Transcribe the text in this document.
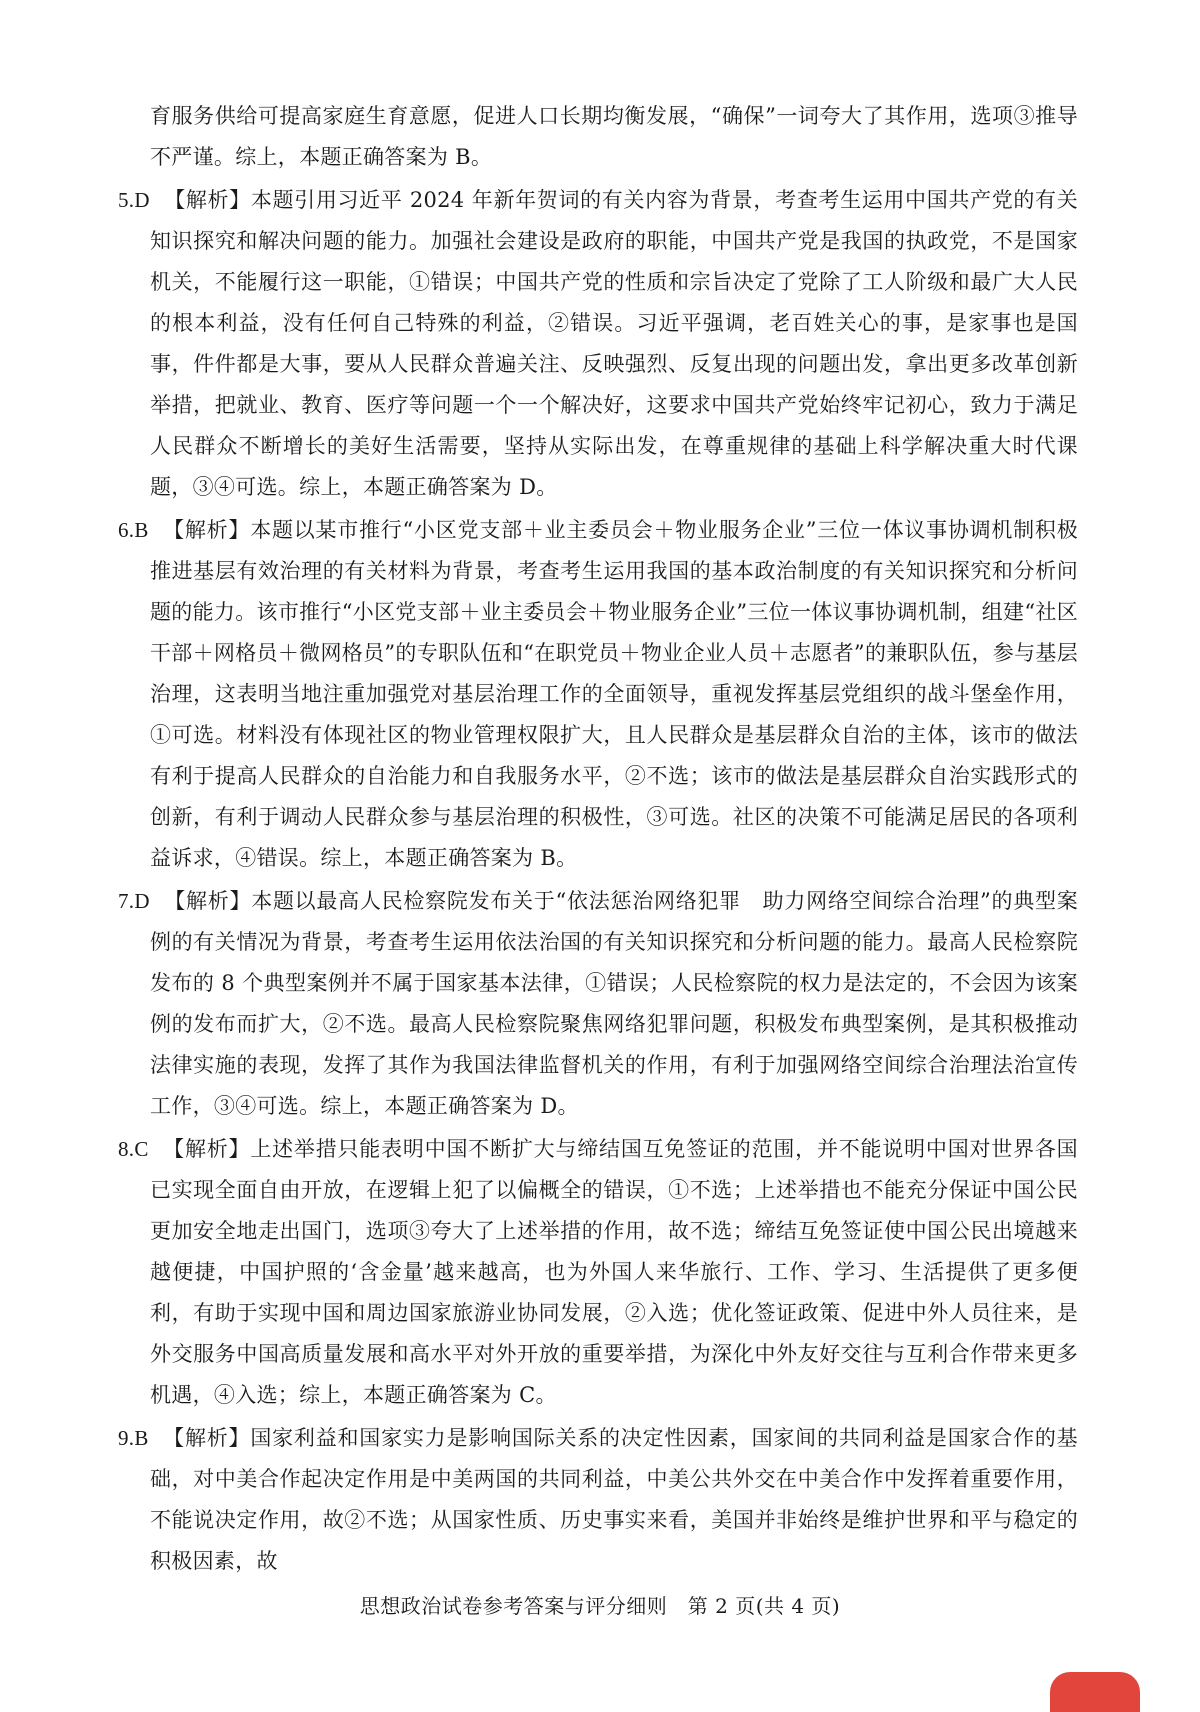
育服务供给可提高家庭生育意愿，促进人口长期均衡发展，“确保”一词夸大了其作用，选项③推导不严谨。综上，本题正确答案为 B。

5.D 【解析】本题引用习近平 2024 年新年贺词的有关内容为背景，考查考生运用中国共产党的有关知识探究和解决问题的能力。加强社会建设是政府的职能，中国共产党是我国的执政党，不是国家机关，不能履行这一职能，①错误；中国共产党的性质和宗旨决定了党除了工人阶级和最广大人民的根本利益，没有任何自己特殊的利益，②错误。习近平强调，老百姓关心的事，是家事也是国事，件件都是大事，要从人民群众普遍关注、反映强烈、反复出现的问题出发，拿出更多改革创新举措，把就业、教育、医疗等问题一个一个解决好，这要求中国共产党始终牢记初心，致力于满足人民群众不断增长的美好生活需要，坚持从实际出发，在尊重规律的基础上科学解决重大时代课题，③④可选。综上，本题正确答案为 D。

6.B 【解析】本题以某市推行“小区党支部＋业主委员会＋物业服务企业”三位一体议事协调机制积极推进基层有效治理的有关材料为背景，考查考生运用我国的基本政治制度的有关知识探究和分析问题的能力。该市推行“小区党支部＋业主委员会＋物业服务企业”三位一体议事协调机制，组建“社区干部＋网格员＋微网格员”的专职队伍和“在职党员＋物业企业人员＋志愿者”的兼职队伍，参与基层治理，这表明当地注重加强党对基层治理工作的全面领导，重视发挥基层党组织的战斗堡垒作用，①可选。材料没有体现社区的物业管理权限扩大，且人民群众是基层群众自治的主体，该市的做法有利于提高人民群众的自治能力和自我服务水平，②不选；该市的做法是基层群众自治实践形式的创新，有利于调动人民群众参与基层治理的积极性，③可选。社区的决策不可能满足居民的各项利益诉求，④错误。综上，本题正确答案为 B。

7.D 【解析】本题以最高人民检察院发布关于“依法惩治网络犯罪　助力网络空间综合治理”的典型案例的有关情况为背景，考查考生运用依法治国的有关知识探究和分析问题的能力。最高人民检察院发布的 8 个典型案例并不属于国家基本法律，①错误；人民检察院的权力是法定的，不会因为该案例的发布而扩大，②不选。最高人民检察院聚焦网络犯罪问题，积极发布典型案例，是其积极推动法律实施的表现，发挥了其作为我国法律监督机关的作用，有利于加强网络空间综合治理法治宣传工作，③④可选。综上，本题正确答案为 D。

8.C 【解析】上述举措只能表明中国不断扩大与缔结国互免签证的范围，并不能说明中国对世界各国已实现全面自由开放，在逻辑上犯了以偏概全的错误，①不选；上述举措也不能充分保证中国公民更加安全地走出国门，选项③夸大了上述举措的作用，故不选；缔结互免签证使中国公民出境越来越便捷，中国护照的‘含金量’越来越高，也为外国人来华旅行、工作、学习、生活提供了更多便利，有助于实现中国和周边国家旅游业协同发展，②入选；优化签证政策、促进中外人员往来，是外交服务中国高质量发展和高水平对外开放的重要举措，为深化中外友好交往与互利合作带来更多机遇，④入选；综上，本题正确答案为 C。

9.B 【解析】国家利益和国家实力是影响国际关系的决定性因素，国家间的共同利益是国家合作的基础，对中美合作起决定作用是中美两国的共同利益，中美公共外交在中美合作中发挥着重要作用，不能说决定作用，故②不选；从国家性质、历史事实来看，美国并非始终是维护世界和平与稳定的积极因素，故

思想政治试卷参考答案与评分细则　第 2 页(共 4 页)
